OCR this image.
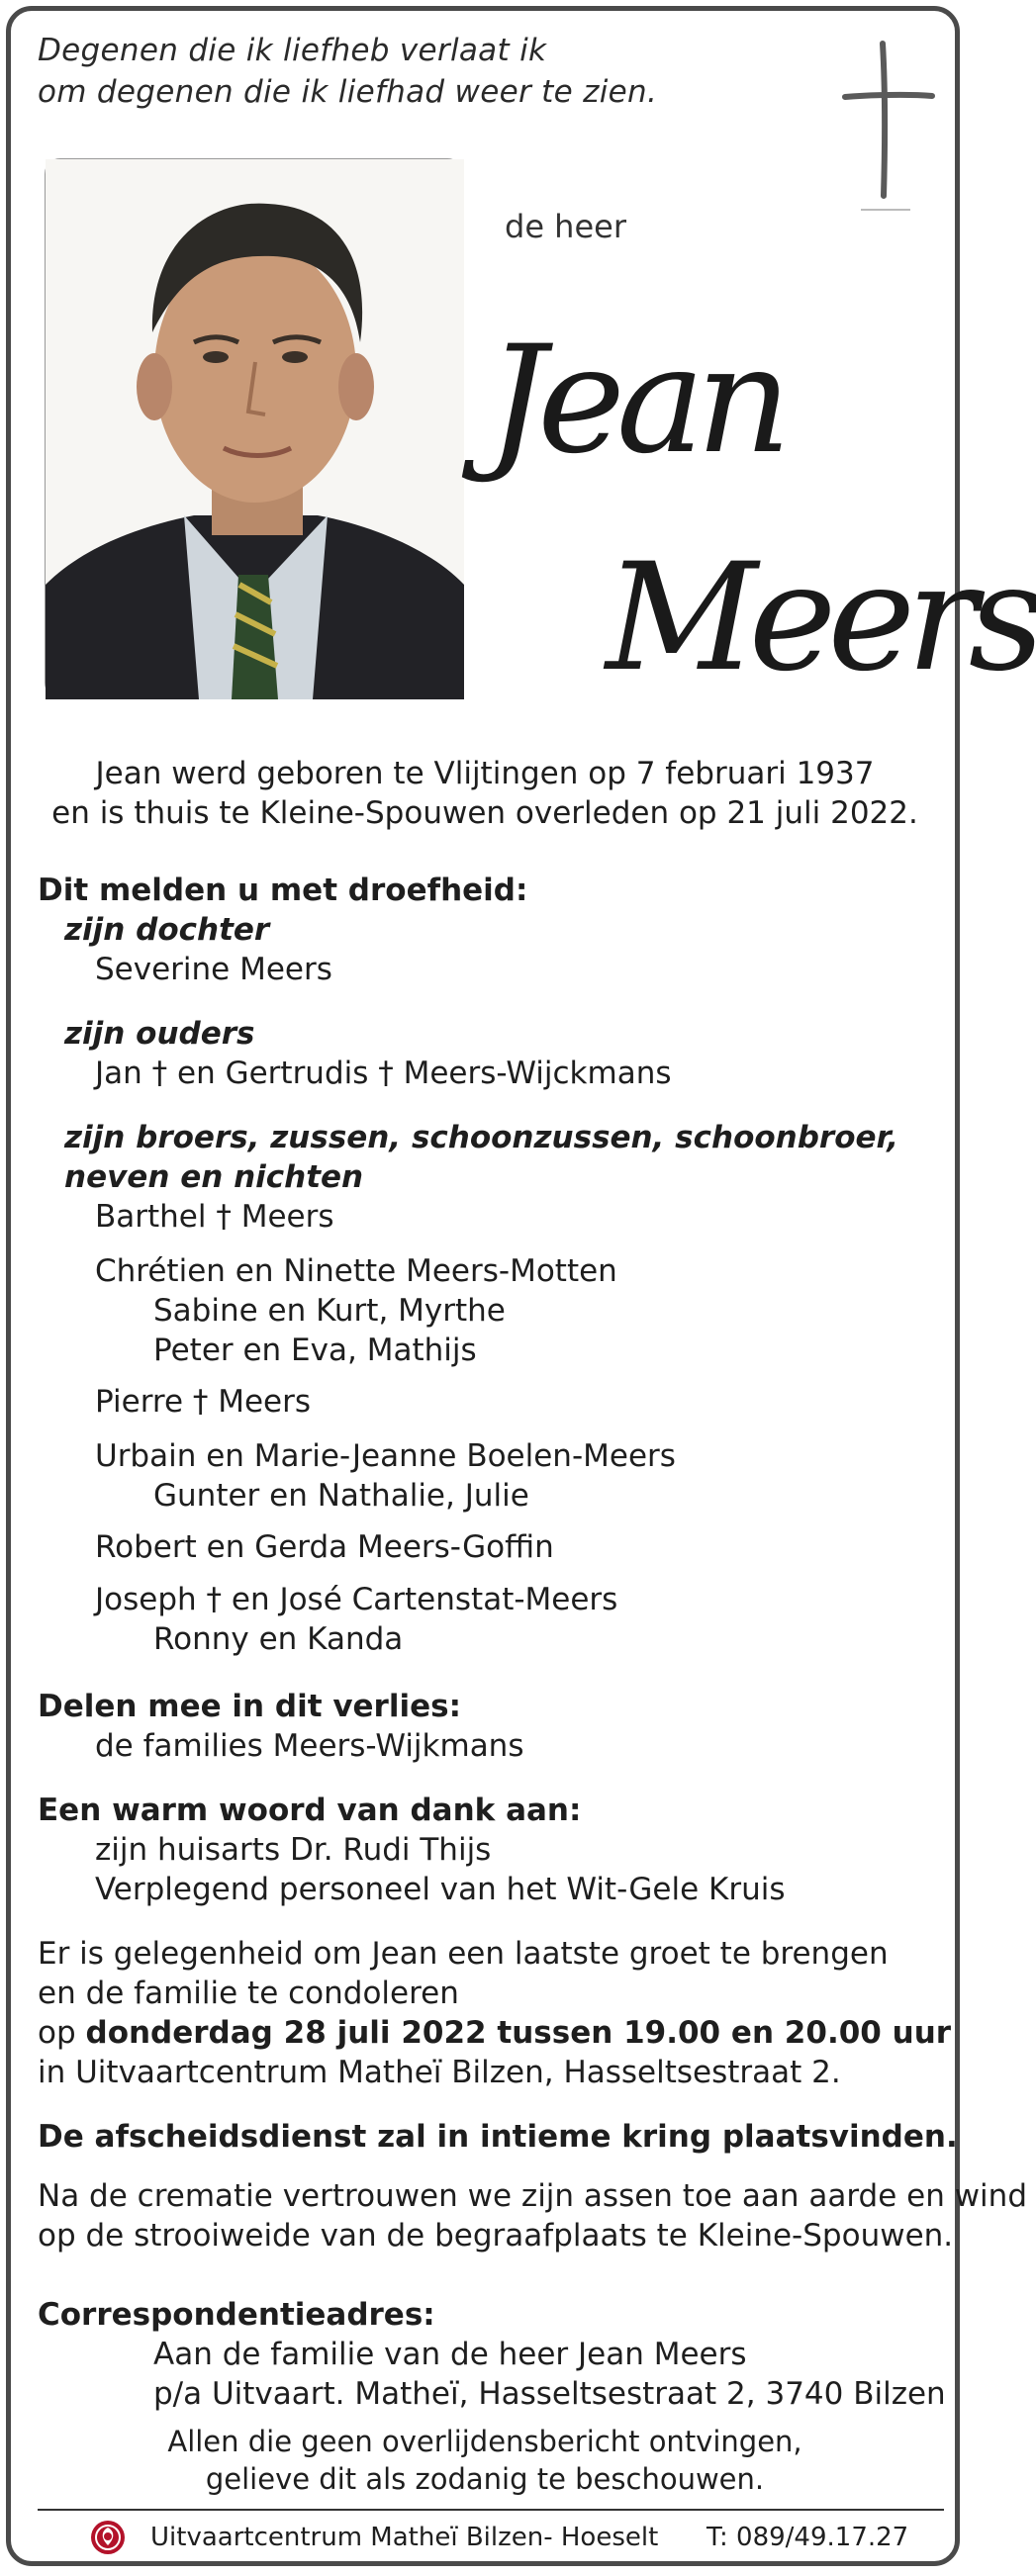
Degenen die ik liefheb verlaat ik
om degenen die ik liefhad weer te zien.
de heer
Jean
Meers
Jean werd geboren te Vlijtingen op 7 februari 1937
en is thuis te Kleine-Spouwen overleden op 21 juli 2022.
Dit melden u met droefheid:
zijn dochter
Severine Meers
zijn ouders
Jan † en Gertrudis † Meers-Wijckmans
zijn broers, zussen, schoonzussen, schoonbroer,
neven en nichten
Barthel † Meers
Chrétien en Ninette Meers-Motten
Sabine en Kurt, Myrthe
Peter en Eva, Mathijs
Pierre † Meers
Urbain en Marie-Jeanne Boelen-Meers
Gunter en Nathalie, Julie
Robert en Gerda Meers-Goffin
Joseph † en José Cartenstat-Meers
Ronny en Kanda
Delen mee in dit verlies:
de families Meers-Wijkmans
Een warm woord van dank aan:
zijn huisarts Dr. Rudi Thijs
Verplegend personeel van het Wit-Gele Kruis
Er is gelegenheid om Jean een laatste groet te brengen
en de familie te condoleren
op donderdag 28 juli 2022 tussen 19.00 en 20.00 uur
in Uitvaartcentrum Matheï Bilzen, Hasseltsestraat 2.
De afscheidsdienst zal in intieme kring plaatsvinden.
Na de crematie vertrouwen we zijn assen toe aan aarde en wind
op de strooiweide van de begraafplaats te Kleine-Spouwen.
Correspondentieadres:
Aan de familie van de heer Jean Meers
p/a Uitvaart. Matheï, Hasseltsestraat 2, 3740 Bilzen
Allen die geen overlijdensbericht ontvingen,
gelieve dit als zodanig te beschouwen.
Uitvaartcentrum Matheï Bilzen- Hoeselt T: 089/49.17.27
